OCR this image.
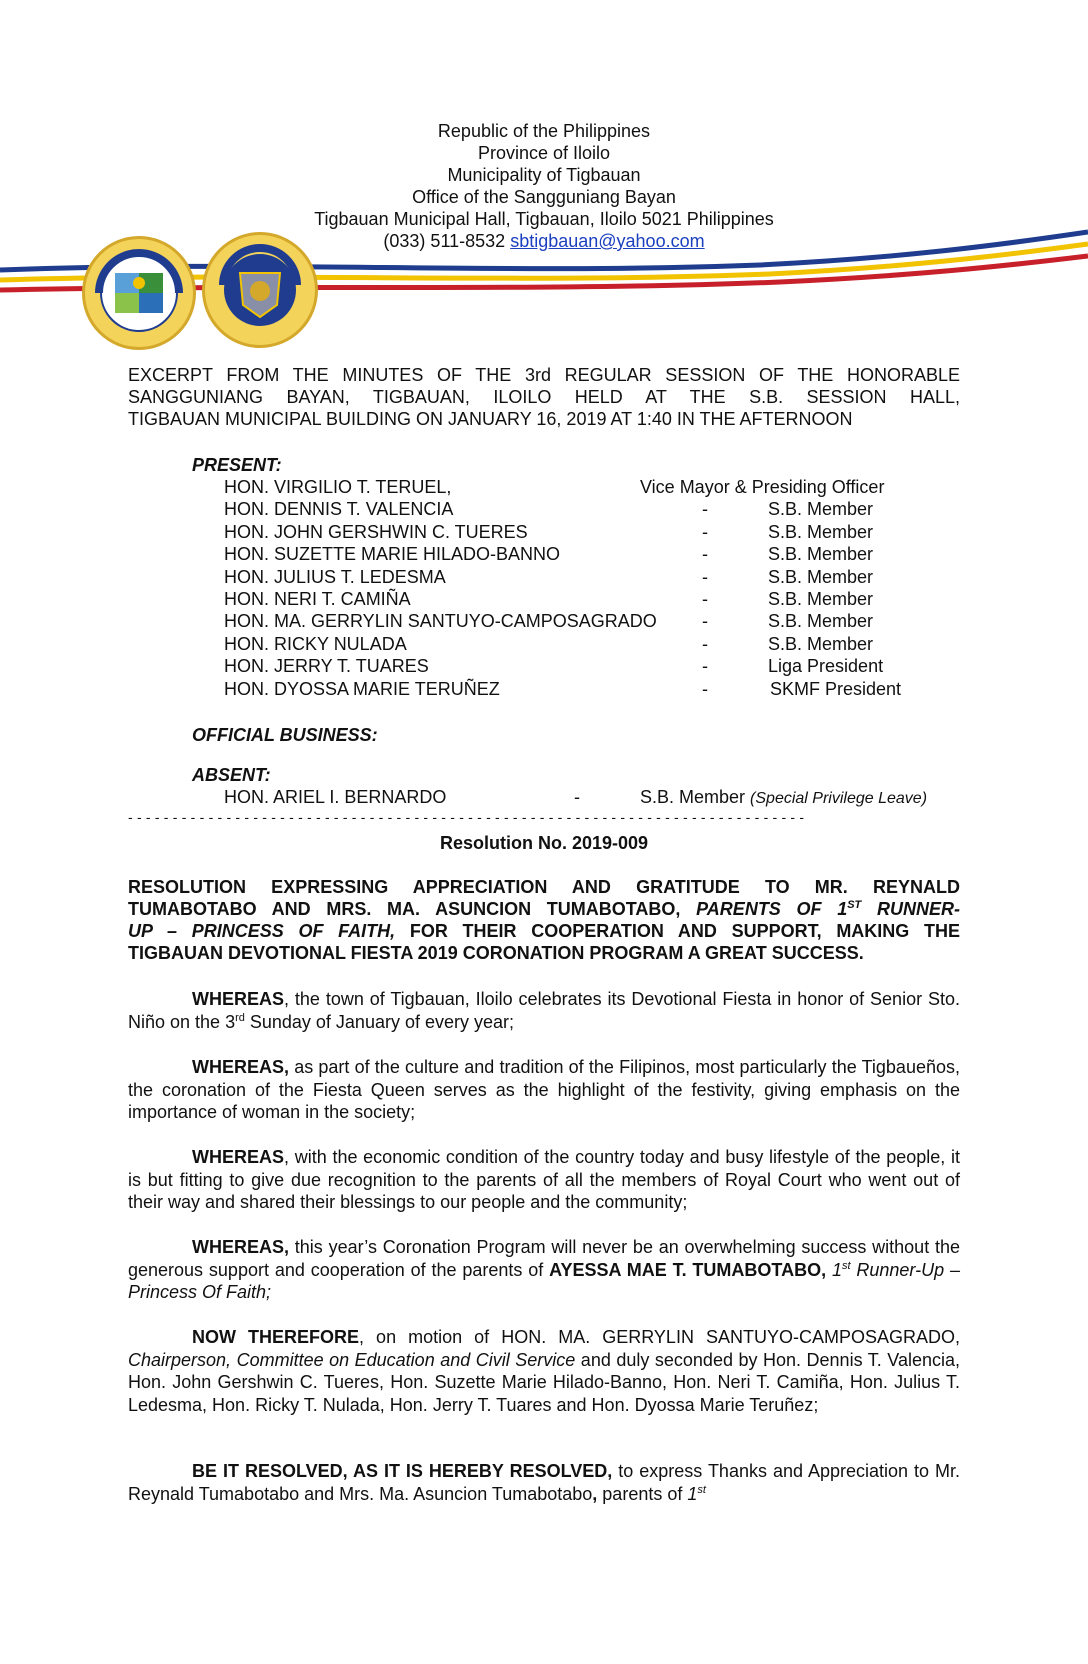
Republic of the Philippines
Province of Iloilo
Municipality of Tigbauan
Office of the Sangguniang Bayan
Tigbauan Municipal Hall, Tigbauan, Iloilo 5021 Philippines
(033) 511-8532 sbtigbauan@yahoo.com

EXCERPT FROM THE MINUTES OF THE 3rd REGULAR SESSION OF THE HONORABLE

SANGGUNIANG BAYAN, TIGBAUAN, ILOILO HELD AT THE S.B. SESSION HALL,

TIGBAUAN MUNICIPAL BUILDING ON JANUARY 16, 2019 AT 1:40 IN THE AFTERNOON

PRESENT:
HON. VIRGILIO T. TERUEL,	Vice Mayor & Presiding Officer
HON. DENNIS T. VALENCIA	-	S.B. Member
HON. JOHN GERSHWIN C. TUERES	-	S.B. Member
HON. SUZETTE MARIE HILADO-BANNO	-	S.B. Member
HON. JULIUS T. LEDESMA	-	S.B. Member
HON. NERI T. CAMIÑA	-	S.B. Member
HON. MA. GERRYLIN SANTUYO-CAMPOSAGRADO	-	S.B. Member
HON. RICKY NULADA	-	S.B. Member
HON. JERRY T. TUARES	-	Liga President
HON. DYOSSA MARIE TERUÑEZ	-	SKMF President
OFFICIAL BUSINESS:
ABSENT:
HON. ARIEL I. BERNARDO	-	S.B. Member (Special Privilege Leave)
- - - - - - - - - - - - - - - - - - - - - - - - - - - - - - - - - - - - - - - - - - - - - - - - - - - - - - - - - - - - - - - - - - - - - - - - - - - -
Resolution No. 2019-009

RESOLUTION EXPRESSING APPRECIATION AND GRATITUDE TO MR. REYNALD

TUMABOTABO AND MRS. MA. ASUNCION TUMABOTABO, PARENTS OF 1ST RUNNER-

UP – PRINCESS OF FAITH, FOR THEIR COOPERATION AND SUPPORT, MAKING THE

TIGBAUAN DEVOTIONAL FIESTA 2019 CORONATION PROGRAM A GREAT SUCCESS.

WHEREAS, the town of Tigbauan, Iloilo celebrates its Devotional Fiesta in honor of Senior Sto. Niño on the 3rd Sunday of January of every year;
WHEREAS, as part of the culture and tradition of the Filipinos, most particularly the Tigbaueños, the coronation of the Fiesta Queen serves as the highlight of the festivity, giving emphasis on the importance of woman in the society;
WHEREAS, with the economic condition of the country today and busy lifestyle of the people, it is but fitting to give due recognition to the parents of all the members of Royal Court who went out of their way and shared their blessings to our people and the community;
WHEREAS, this year’s Coronation Program will never be an overwhelming success without the generous support and cooperation of the parents of AYESSA MAE T. TUMABOTABO, 1st Runner-Up – Princess Of Faith;
NOW THEREFORE, on motion of HON. MA. GERRYLIN SANTUYO-CAMPOSAGRADO, Chairperson, Committee on Education and Civil Service and duly seconded by Hon. Dennis T. Valencia, Hon. John Gershwin C. Tueres, Hon. Suzette Marie Hilado-Banno, Hon. Neri T. Camiña, Hon. Julius T. Ledesma, Hon. Ricky T. Nulada, Hon. Jerry T. Tuares and Hon. Dyossa Marie Teruñez;
BE IT RESOLVED, AS IT IS HEREBY RESOLVED, to express Thanks and Appreciation to Mr. Reynald Tumabotabo and Mrs. Ma. Asuncion Tumabotabo, parents of 1st
